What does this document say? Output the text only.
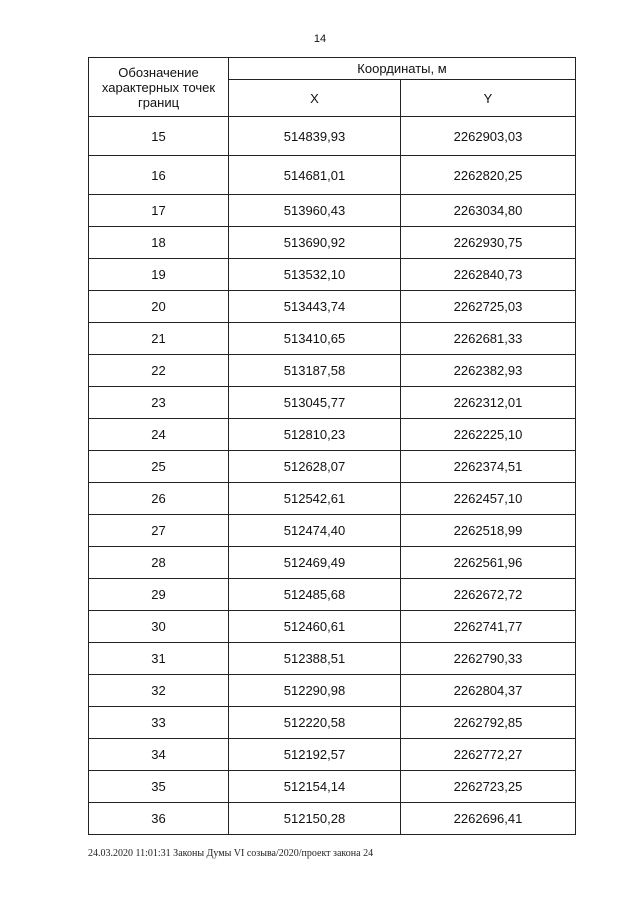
14
Обозначение характерных точек границ	Координаты, м	
	X	Y
15	514839,93	2262903,03
16	514681,01	2262820,25
17	513960,43	2263034,80
18	513690,92	2262930,75
19	513532,10	2262840,73
20	513443,74	2262725,03
21	513410,65	2262681,33
22	513187,58	2262382,93
23	513045,77	2262312,01
24	512810,23	2262225,10
25	512628,07	2262374,51
26	512542,61	2262457,10
27	512474,40	2262518,99
28	512469,49	2262561,96
29	512485,68	2262672,72
30	512460,61	2262741,77
31	512388,51	2262790,33
32	512290,98	2262804,37
33	512220,58	2262792,85
34	512192,57	2262772,27
35	512154,14	2262723,25
36	512150,28	2262696,41
24.03.2020 11:01:31 Законы Думы VI созыва/2020/проект закона 24
